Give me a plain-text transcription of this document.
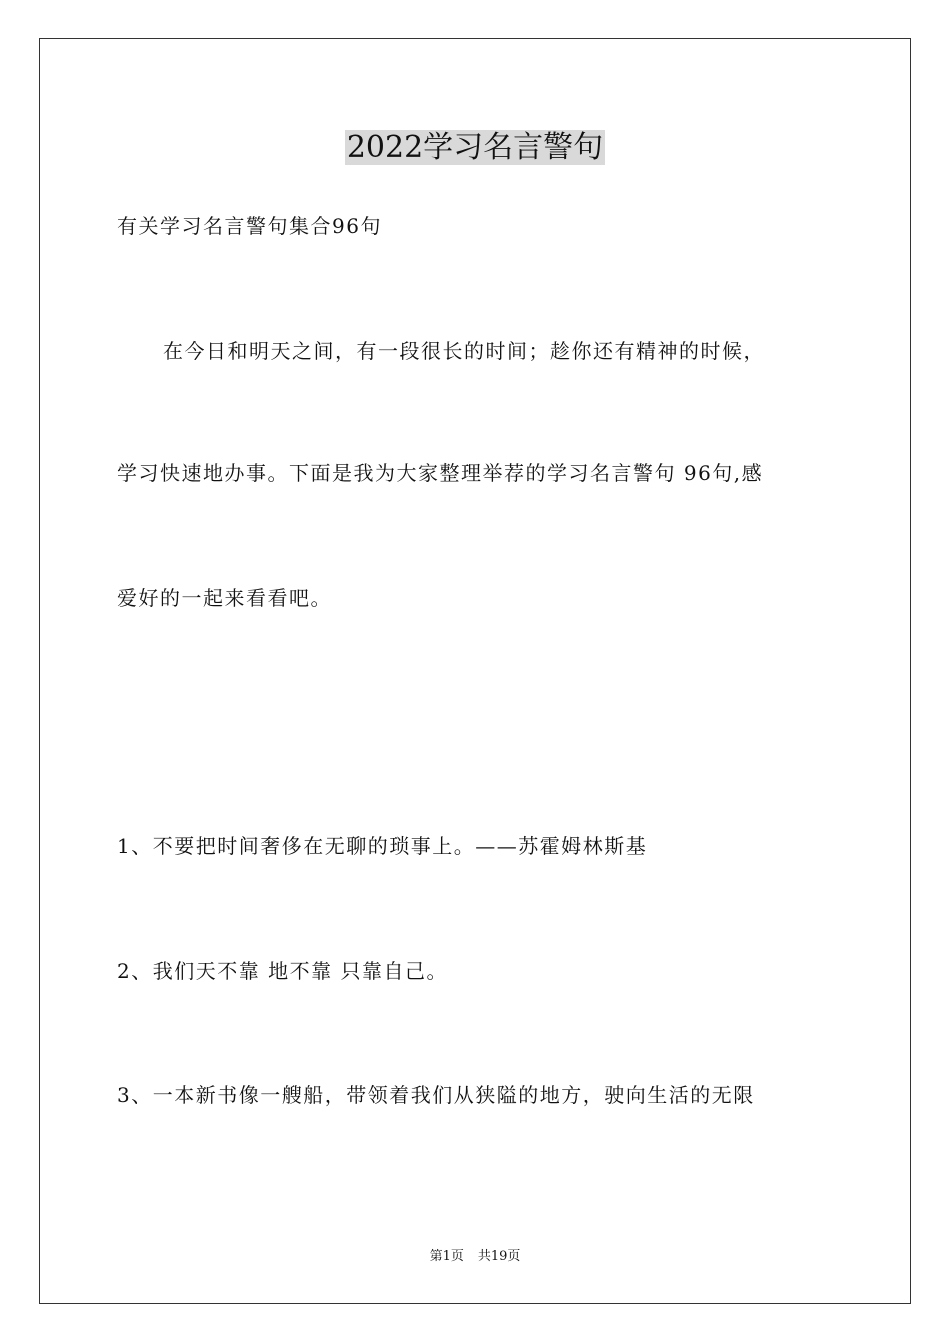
2022学习名言警句
有关学习名言警句集合96句
在今日和明天之间，有一段很长的时间；趁你还有精神的时候，
学习快速地办事。下面是我为大家整理举荐的学习名言警句 96句,感
爱好的一起来看看吧。
1、不要把时间奢侈在无聊的琐事上。——苏霍姆林斯基
2、我们天不靠 地不靠 只靠自己。
3、一本新书像一艘船，带领着我们从狭隘的地方，驶向生活的无限
第1页 共19页
